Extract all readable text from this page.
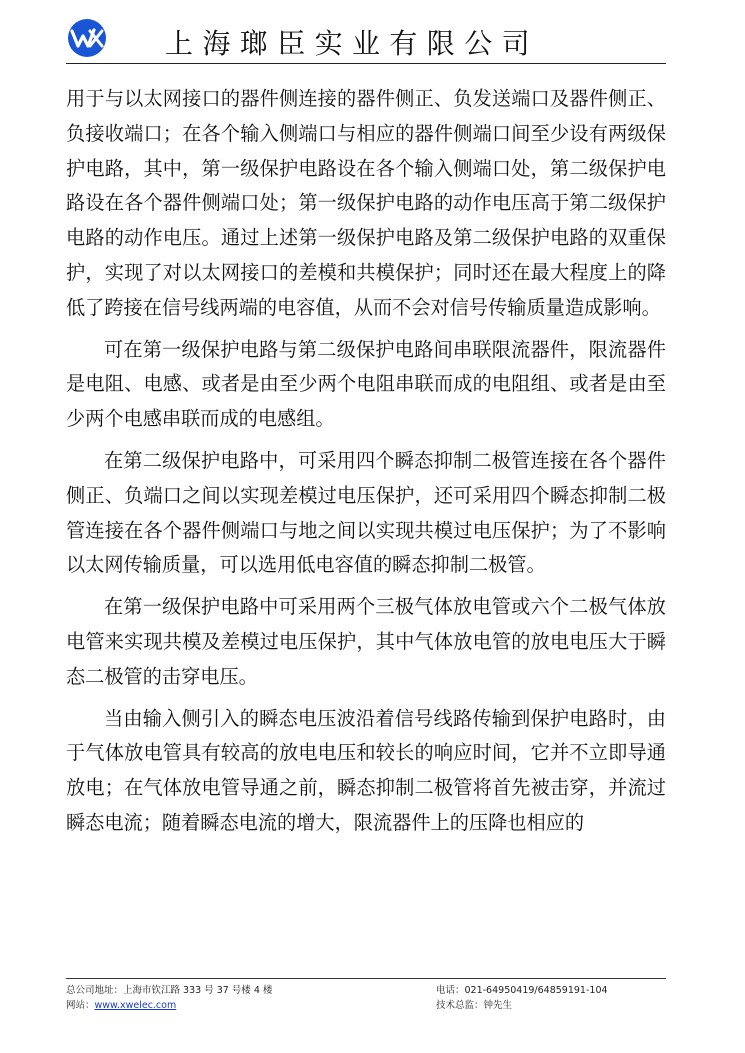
上海瑯臣实业有限公司

用于与以太网接口的器件侧连接的器件侧正、负发送端口及器件侧正、负接收端口；在各个输入侧端口与相应的器件侧端口间至少设有两级保护电路，其中，第一级保护电路设在各个输入侧端口处，第二级保护电路设在各个器件侧端口处；第一级保护电路的动作电压高于第二级保护电路的动作电压。通过上述第一级保护电路及第二级保护电路的双重保护，实现了对以太网接口的差模和共模保护；同时还在最大程度上的降低了跨接在信号线两端的电容值，从而不会对信号传输质量造成影响。

可在第一级保护电路与第二级保护电路间串联限流器件，限流器件是电阻、电感、或者是由至少两个电阻串联而成的电阻组、或者是由至少两个电感串联而成的电感组。

在第二级保护电路中，可采用四个瞬态抑制二极管连接在各个器件侧正、负端口之间以实现差模过电压保护，还可采用四个瞬态抑制二极管连接在各个器件侧端口与地之间以实现共模过电压保护；为了不影响以太网传输质量，可以选用低电容值的瞬态抑制二极管。

在第一级保护电路中可采用两个三极气体放电管或六个二极气体放电管来实现共模及差模过电压保护，其中气体放电管的放电电压大于瞬态二极管的击穿电压。

当由输入侧引入的瞬态电压波沿着信号线路传输到保护电路时，由于气体放电管具有较高的放电电压和较长的响应时间，它并不立即导通放电；在气体放电管导通之前，瞬态抑制二极管将首先被击穿，并流过瞬态电流；随着瞬态电流的增大，限流器件上的压降也相应的

总公司地址：上海市钦江路 333 号 37 号楼 4 楼	电话：021-64950419/64859191-104
网站：www.xwelec.com	技术总监：钟先生
